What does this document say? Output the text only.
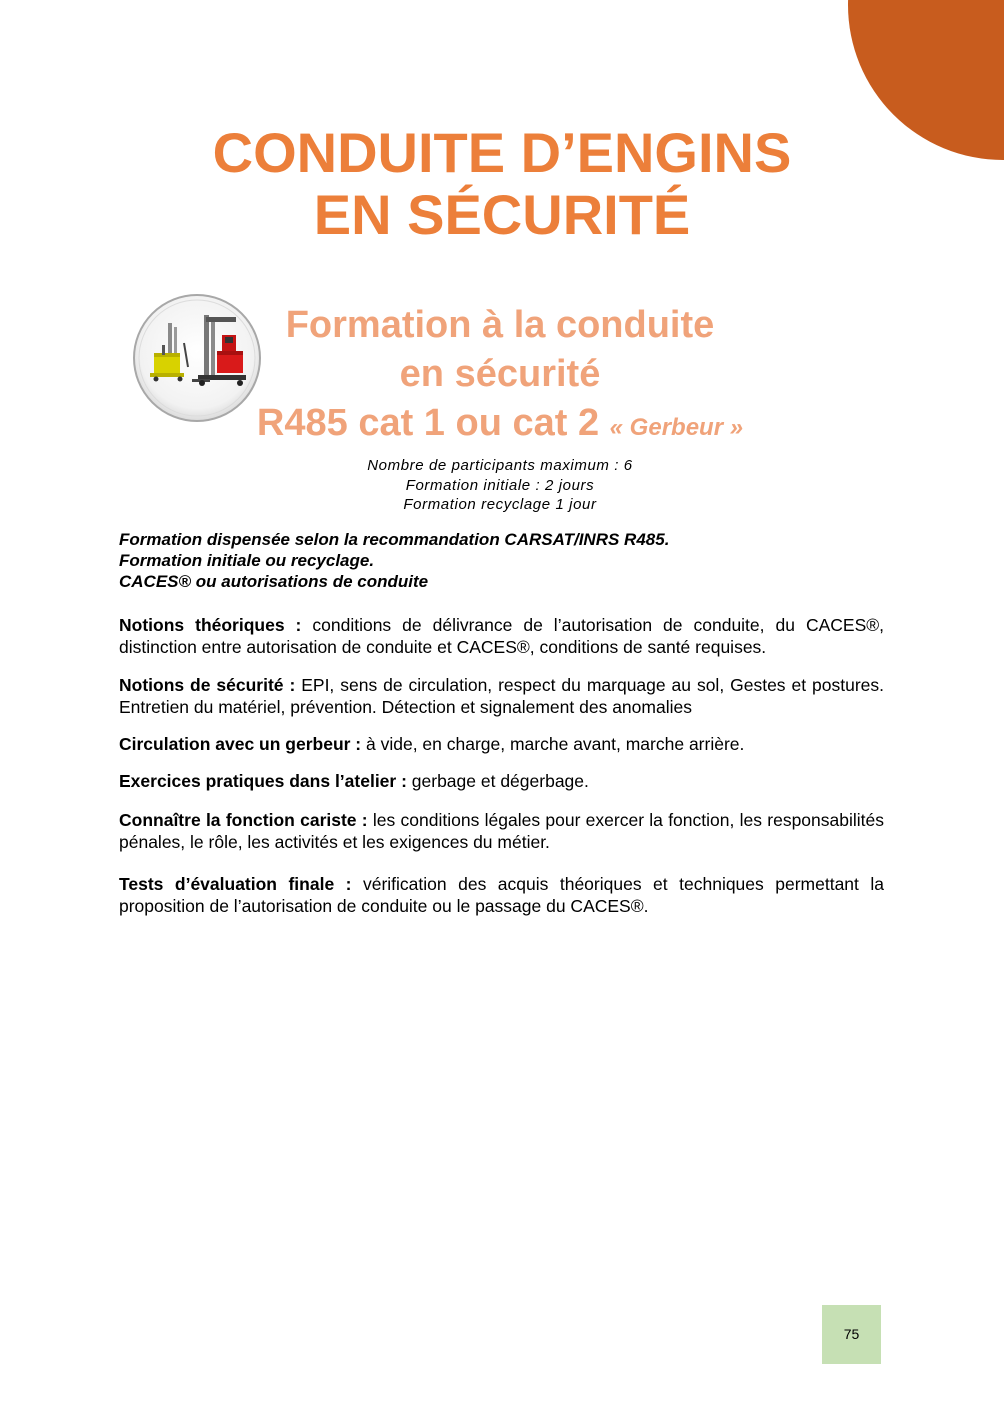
CONDUITE D’ENGINS
EN SÉCURITÉ
Formation à la conduite
en sécurité
R485 cat 1 ou cat 2 « Gerbeur »
Nombre de participants maximum : 6
Formation initiale : 2 jours
Formation recyclage 1 jour
Formation dispensée selon la recommandation CARSAT/INRS R485.
Formation initiale ou recyclage.
CACES® ou autorisations de conduite

Notions théoriques : conditions de délivrance de l’autorisation de conduite, du CACES®, distinction entre autorisation de conduite et CACES®, conditions de santé requises.

Notions de sécurité : EPI, sens de circulation, respect du marquage au sol, Gestes et postures. Entretien du matériel, prévention. Détection et signalement des anomalies

Circulation avec un gerbeur : à vide, en charge, marche avant, marche arrière.

Exercices pratiques dans l’atelier : gerbage et dégerbage.

Connaître la fonction cariste : les conditions légales pour exercer la fonction, les responsabilités pénales, le rôle, les activités et les exigences du métier.

Tests d’évaluation finale : vérification des acquis théoriques et techniques permettant la proposition de l’autorisation de conduite ou le passage du CACES®.

75
